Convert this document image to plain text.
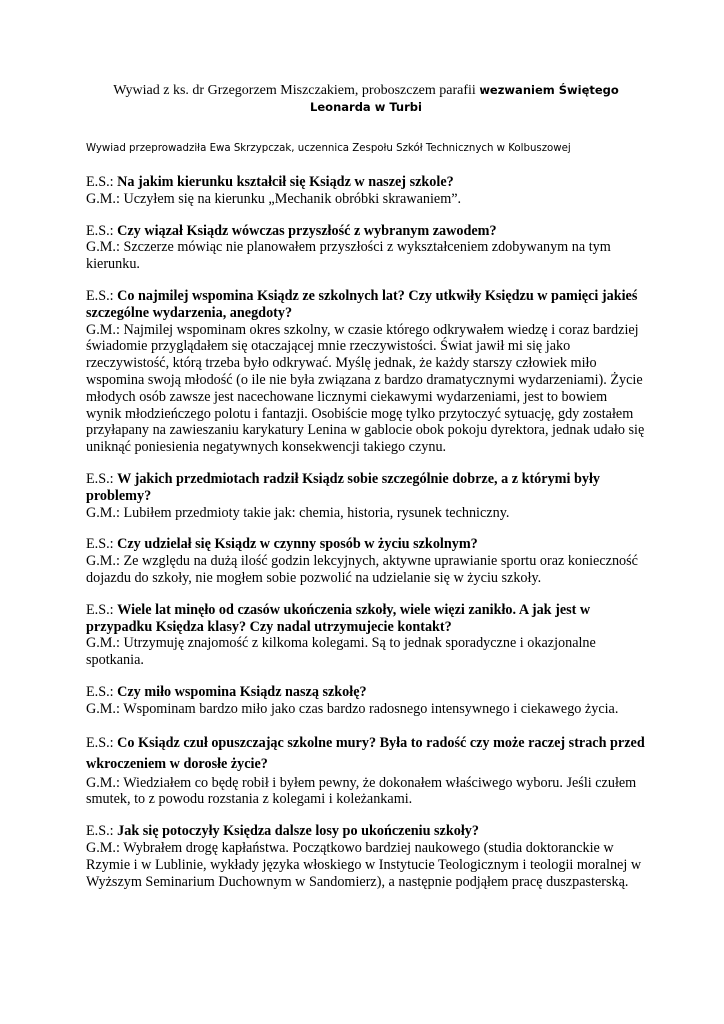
Wywiad z ks. dr Grzegorzem Miszczakiem, proboszczem parafii wezwaniem Świętego Leonarda w Turbi

Wywiad przeprowadziła Ewa Skrzypczak, uczennica Zespołu Szkół Technicznych w Kolbuszowej

E.S.: Na jakim kierunku kształcił się Ksiądz w naszej szkole?

G.M.: Uczyłem się na kierunku „Mechanik obróbki skrawaniem”.

E.S.: Czy wiązał Ksiądz wówczas przyszłość z wybranym zawodem?

G.M.: Szczerze mówiąc nie planowałem przyszłości z wykształceniem zdobywanym na tym kierunku.

E.S.: Co najmilej wspomina Ksiądz ze szkolnych lat? Czy utkwiły Księdzu w pamięci jakieś szczególne wydarzenia, anegdoty?

G.M.: Najmilej wspominam okres szkolny, w czasie którego odkrywałem wiedzę i coraz bardziej świadomie przyglądałem się otaczającej mnie rzeczywistości. Świat jawił mi się jako rzeczywistość, którą trzeba było odkrywać. Myślę jednak, że każdy starszy człowiek miło wspomina swoją młodość (o ile nie była związana z bardzo dramatycznymi wydarzeniami). Życie młodych osób zawsze jest nacechowane licznymi ciekawymi wydarzeniami, jest to bowiem wynik młodzieńczego polotu i fantazji. Osobiście mogę tylko przytoczyć sytuację, gdy zostałem przyłapany na zawieszaniu karykatury Lenina w gablocie obok pokoju dyrektora, jednak udało się uniknąć poniesienia negatywnych konsekwencji takiego czynu.

E.S.: W jakich przedmiotach radził Ksiądz sobie szczególnie dobrze, a z którymi były problemy?

G.M.: Lubiłem przedmioty takie jak: chemia, historia, rysunek techniczny.

E.S.: Czy udzielał się Ksiądz w czynny sposób w życiu szkolnym?

G.M.: Ze względu na dużą ilość godzin lekcyjnych, aktywne uprawianie sportu oraz konieczność dojazdu do szkoły, nie mogłem sobie pozwolić na udzielanie się w życiu szkoły.

E.S.: Wiele lat minęło od czasów ukończenia szkoły, wiele więzi zanikło. A jak jest w przypadku Księdza klasy? Czy nadal utrzymujecie kontakt?

G.M.: Utrzymuję znajomość z kilkoma kolegami. Są to jednak sporadyczne i okazjonalne spotkania.

E.S.: Czy miło wspomina Ksiądz naszą szkołę?

G.M.: Wspominam bardzo miło jako czas bardzo radosnego intensywnego i ciekawego życia.

E.S.: Co Ksiądz czuł opuszczając szkolne mury? Była to radość czy może raczej strach przed wkroczeniem w dorosłe życie?

G.M.: Wiedziałem co będę robił i byłem pewny, że dokonałem właściwego wyboru. Jeśli czułem smutek, to z powodu rozstania z kolegami i koleżankami.

E.S.: Jak się potoczyły Księdza dalsze losy po ukończeniu szkoły?

G.M.: Wybrałem drogę kapłaństwa. Początkowo bardziej naukowego (studia doktoranckie w Rzymie i w Lublinie, wykłady języka włoskiego w Instytucie Teologicznym i teologii moralnej w Wyższym Seminarium Duchownym w Sandomierz), a następnie podjąłem pracę duszpasterską.
